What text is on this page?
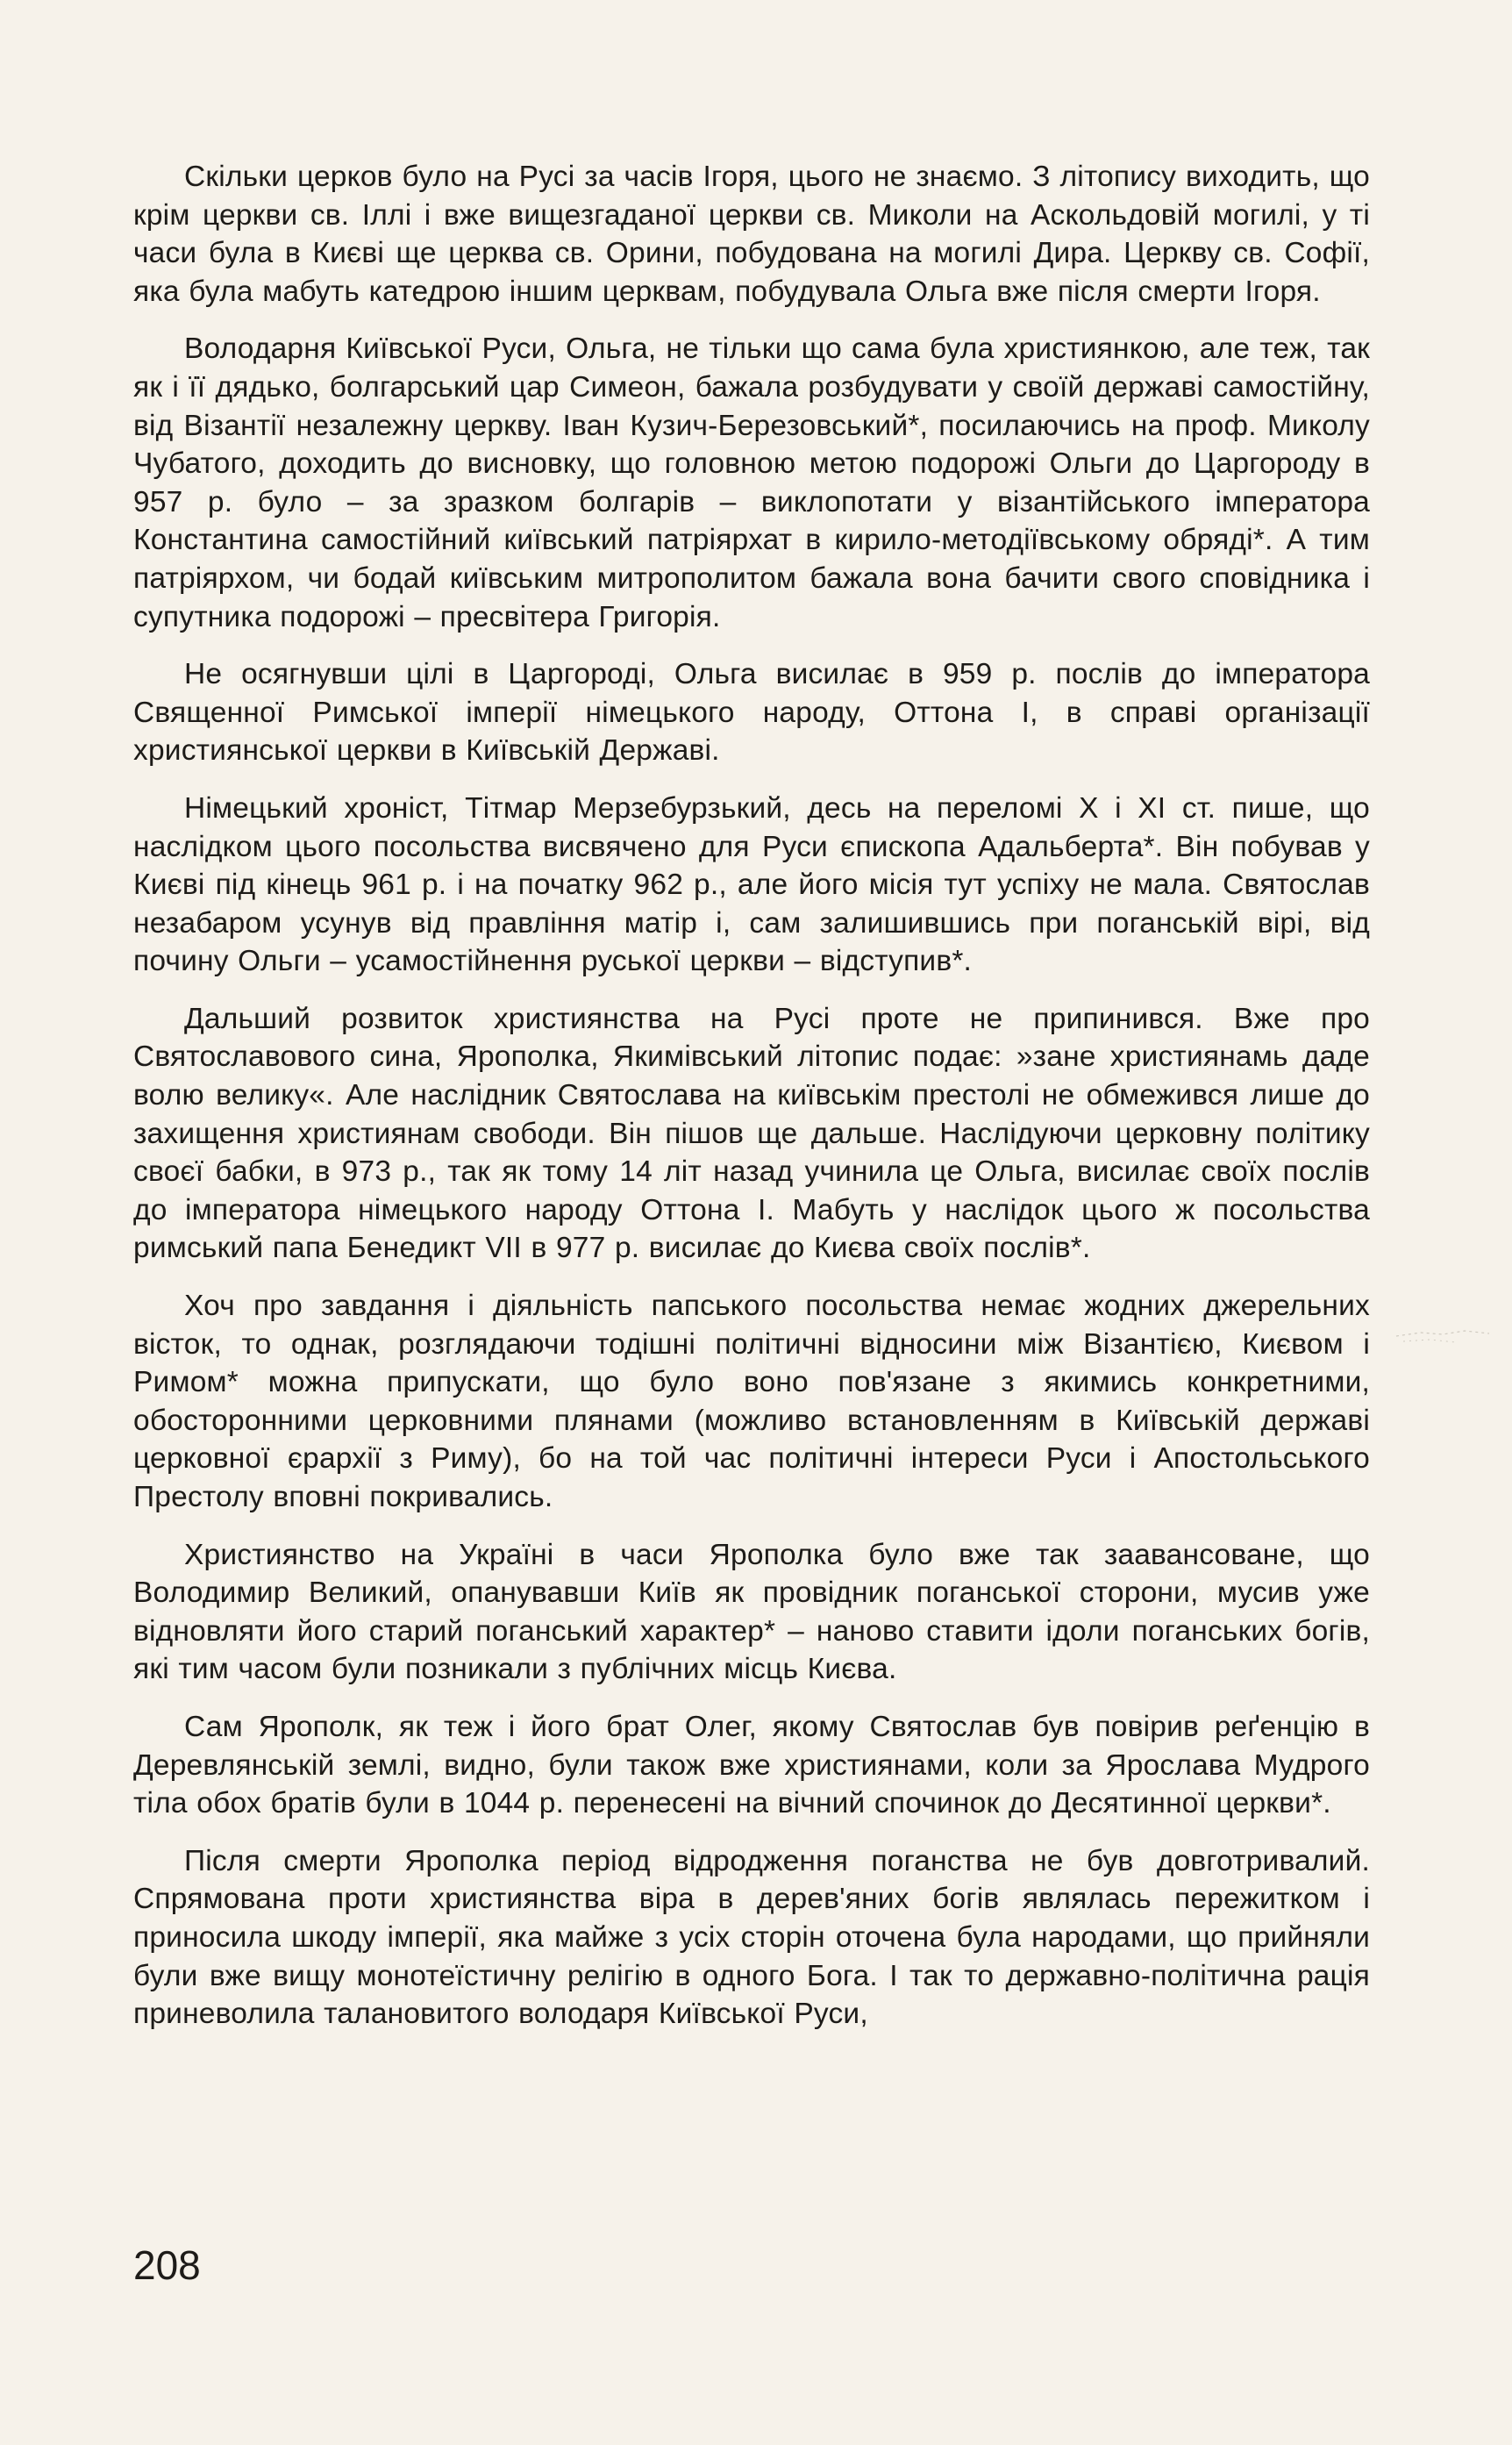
Скільки церков було на Русі за часів Ігоря, цього не знаємо. З літопису виходить, що крім церкви св. Іллі і вже вищезгаданої церкви св. Миколи на Аскольдовій могилі, у ті часи була в Києві ще церква св. Орини, побудована на могилі Дира. Церкву св. Софії, яка була мабуть катедрою іншим церквам, побудувала Ольга вже після смерти Ігоря.

Володарня Київської Руси, Ольга, не тільки що сама була християнкою, але теж, так як і її дядько, болгарський цар Симеон, бажала розбудувати у своїй державі самостійну, від Візантії незалежну церкву. Іван Кузич-Березовський*, посилаючись на проф. Миколу Чубатого, доходить до висновку, що головною метою подорожі Ольги до Царгороду в 957 р. було – за зразком болгарів – виклопотати у візантійського імператора Константина самостійний київський патріярхат в кирило-методіївському обряді*. А тим патріярхом, чи бодай київським митрополитом бажала вона бачити свого сповідника і супутника подорожі – пресвітера Григорія.

Не осягнувши цілі в Царгороді, Ольга висилає в 959 р. послів до імператора Священної Римської імперії німецького народу, Оттона І, в справі організації християнської церкви в Київській Державі.

Німецький хроніст, Тітмар Мерзебурзький, десь на переломі X і XI ст. пише, що наслідком цього посольства висвячено для Руси єпископа Адальберта*. Він побував у Києві під кінець 961 р. і на початку 962 р., але його місія тут успіху не мала. Святослав незабаром усунув від правління матір і, сам залишившись при поганській вірі, від почину Ольги – усамостійнення руської церкви – відступив*.

Дальший розвиток християнства на Русі проте не припинився. Вже про Святославового сина, Ярополка, Якимівський літопис подає: »зане християнамь даде волю велику«. Але наслідник Святослава на київськім престолі не обмежився лише до захищення християнам свободи. Він пішов ще дальше. Наслідуючи церковну політику своєї бабки, в 973 р., так як тому 14 літ назад учинила це Ольга, висилає своїх послів до імператора німецького народу Оттона І. Мабуть у наслідок цього ж посольства римський папа Бенедикт VII в 977 р. висилає до Києва своїх послів*.

Хоч про завдання і діяльність папського посольства немає жодних джерельних вісток, то однак, розглядаючи тодішні політичні відносини між Візантією, Києвом і Римом* можна припускати, що було воно пов'язане з якимись конкретними, обосторонними церковними плянами (можливо встановленням в Київській державі церковної єрархії з Риму), бо на той час політичні інтереси Руси і Апостольського Престолу вповні покривались.

Християнство на Україні в часи Ярополка було вже так заавансоване, що Володимир Великий, опанувавши Київ як провідник поганської сторони, мусив уже відновляти його старий поганський характер* – наново ставити ідоли поганських богів, які тим часом були позникали з публічних місць Києва.

Сам Ярополк, як теж і його брат Олег, якому Святослав був повірив реґенцію в Деревлянській землі, видно, були також вже християнами, коли за Ярослава Мудрого тіла обох братів були в 1044 р. перенесені на вічний спочинок до Десятинної церкви*.

Після смерти Ярополка період відродження поганства не був довготривалий. Спрямована проти християнства віра в дерев'яних богів являлась пережитком і приносила шкоду імперії, яка майже з усіх сторін оточена була народами, що прийняли були вже вищу монотеїстичну релігію в одного Бога. І так то державно-політична рація приневолила талановитого володаря Київської Руси,

208
